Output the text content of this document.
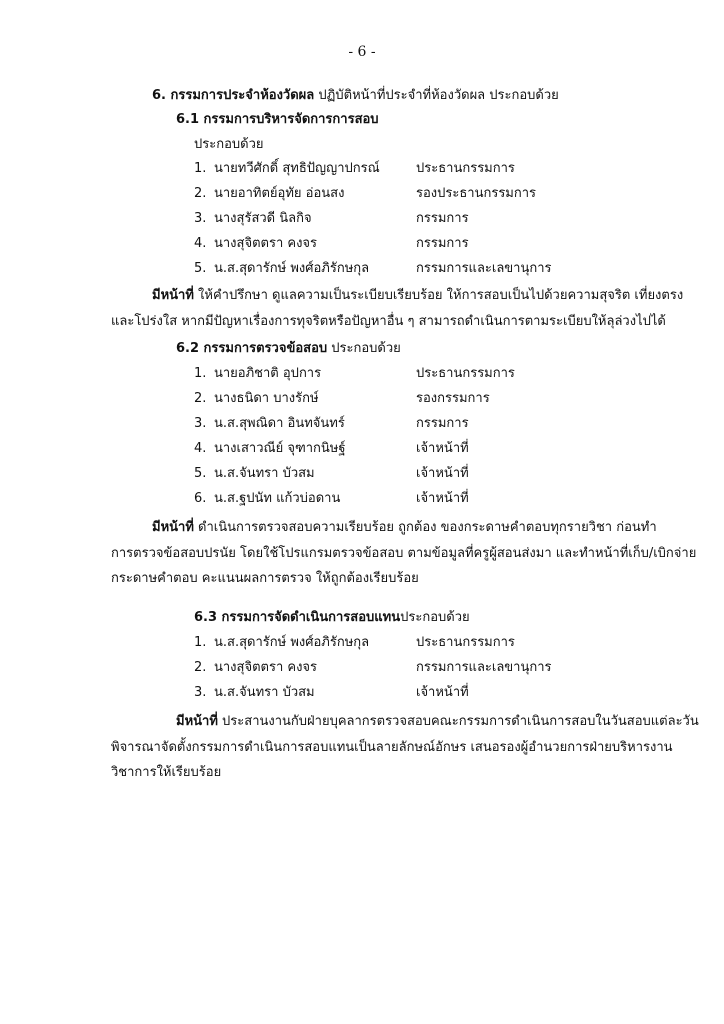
- 6 -
6. กรรมการประจำห้องวัดผล ปฏิบัติหน้าที่ประจำที่ห้องวัดผล ประกอบด้วย
6.1 กรรมการบริหารจัดการการสอบ
ประกอบด้วย
1. นายทวีศักดิ์ สุทธิปัญญาปกรณ์	ประธานกรรมการ
2. นายอาทิตย์อุทัย อ่อนสง	รองประธานกรรมการ
3. นางสุรัสวดี นิลกิจ	กรรมการ
4. นางสุจิตตรา คงจร	กรรมการ
5. น.ส.สุดารักษ์ พงศ์อภิรักษกุล	กรรมการและเลขานุการ
มีหน้าที่ ให้คำปรึกษา ดูแลความเป็นระเบียบเรียบร้อย ให้การสอบเป็นไปด้วยความสุจริต เที่ยงตรง
และโปร่งใส หากมีปัญหาเรื่องการทุจริตหรือปัญหาอื่น ๆ สามารถดำเนินการตามระเบียบให้ลุล่วงไปได้
6.2 กรรมการตรวจข้อสอบ ประกอบด้วย
1. นายอภิชาติ อุปการ	ประธานกรรมการ
2. นางธนิดา บางรักษ์	รองกรรมการ
3. น.ส.สุพณิดา อินทจันทร์	กรรมการ
4. นางเสาวณีย์ จุฑากนิษฐ์	เจ้าหน้าที่
5. น.ส.จันทรา บัวสม	เจ้าหน้าที่
6. น.ส.ฐปนัท แก้วบ่อดาน	เจ้าหน้าที่
มีหน้าที่ ดำเนินการตรวจสอบความเรียบร้อย ถูกต้อง ของกระดาษคำตอบทุกรายวิชา ก่อนทำ
การตรวจข้อสอบปรนัย โดยใช้โปรแกรมตรวจข้อสอบ ตามข้อมูลที่ครูผู้สอนส่งมา และทำหน้าที่เก็บ/เบิกจ่าย
กระดาษคำตอบ คะแนนผลการตรวจ ให้ถูกต้องเรียบร้อย
6.3 กรรมการจัดดำเนินการสอบแทนประกอบด้วย
1. น.ส.สุดารักษ์ พงศ์อภิรักษกุล	ประธานกรรมการ
2. นางสุจิตตรา คงจร	กรรมการและเลขานุการ
3. น.ส.จันทรา บัวสม	เจ้าหน้าที่
มีหน้าที่ ประสานงานกับฝ่ายบุคลากรตรวจสอบคณะกรรมการดำเนินการสอบในวันสอบแต่ละวัน
พิจารณาจัดตั้งกรรมการดำเนินการสอบแทนเป็นลายลักษณ์อักษร เสนอรองผู้อำนวยการฝ่ายบริหารงาน
วิชาการให้เรียบร้อย
